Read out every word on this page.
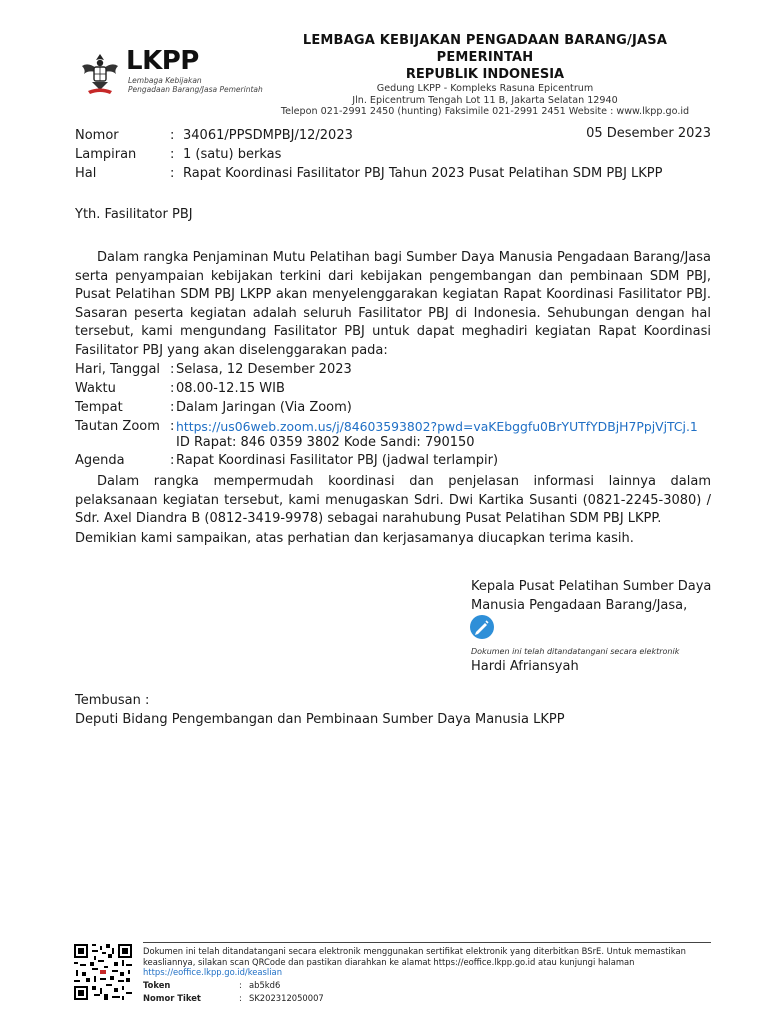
LKPP
Lembaga Kebijakan
Pengadaan Barang/Jasa Pemerintah
LEMBAGA KEBIJAKAN PENGADAAN BARANG/JASA PEMERINTAH
REPUBLIK INDONESIA
Gedung LKPP - Kompleks Rasuna Epicentrum
Jln. Epicentrum Tengah Lot 11 B, Jakarta Selatan 12940
Telepon 021-2991 2450 (hunting) Faksimile 021-2991 2451 Website : www.lkpp.go.id
Nomor	: 34061/PPSDMPBJ/12/2023	05 Desember 2023
Lampiran	: 1 (satu) berkas
Hal	: Rapat Koordinasi Fasilitator PBJ Tahun 2023 Pusat Pelatihan SDM PBJ LKPP
Yth. Fasilitator PBJ
Dalam rangka Penjaminan Mutu Pelatihan bagi Sumber Daya Manusia Pengadaan Barang/Jasa serta penyampaian kebijakan terkini dari kebijakan pengembangan dan pembinaan SDM PBJ, Pusat Pelatihan SDM PBJ LKPP akan menyelenggarakan kegiatan Rapat Koordinasi Fasilitator PBJ. Sasaran peserta kegiatan adalah seluruh Fasilitator PBJ di Indonesia. Sehubungan dengan hal tersebut, kami mengundang Fasilitator PBJ untuk dapat meghadiri kegiatan Rapat Koordinasi Fasilitator PBJ yang akan diselenggarakan pada:
Hari, Tanggal : Selasa, 12 Desember 2023
Waktu	: 08.00-12.15 WIB
Tempat	: Dalam Jaringan (Via Zoom)
Tautan Zoom : https://us06web.zoom.us/j/84603593802?pwd=vaKEbggfu0BrYUTfYDBjH7PpjVjTCj.1
ID Rapat: 846 0359 3802 Kode Sandi: 790150
Agenda	: Rapat Koordinasi Fasilitator PBJ (jadwal terlampir)
Dalam rangka mempermudah koordinasi dan penjelasan informasi lainnya dalam pelaksanaan kegiatan tersebut, kami menugaskan Sdri. Dwi Kartika Susanti (0821-2245-3080) / Sdr. Axel Diandra B (0812-3419-9978) sebagai narahubung Pusat Pelatihan SDM PBJ LKPP.
Demikian kami sampaikan, atas perhatian dan kerjasamanya diucapkan terima kasih.
Kepala Pusat Pelatihan Sumber Daya
Manusia Pengadaan Barang/Jasa,
Dokumen ini telah ditandatangani secara elektronik
Hardi Afriansyah
Tembusan :
Deputi Bidang Pengembangan dan Pembinaan Sumber Daya Manusia LKPP
Dokumen ini telah ditandatangani secara elektronik menggunakan sertifikat elektronik yang diterbitkan BSrE. Untuk memastikan
keasliannya, silakan scan QRCode dan pastikan diarahkan ke alamat https://eoffice.lkpp.go.id atau kunjungi halaman
https://eoffice.lkpp.go.id/keaslian
Token	: ab5kd6
Nomor Tiket	: SK202312050007
